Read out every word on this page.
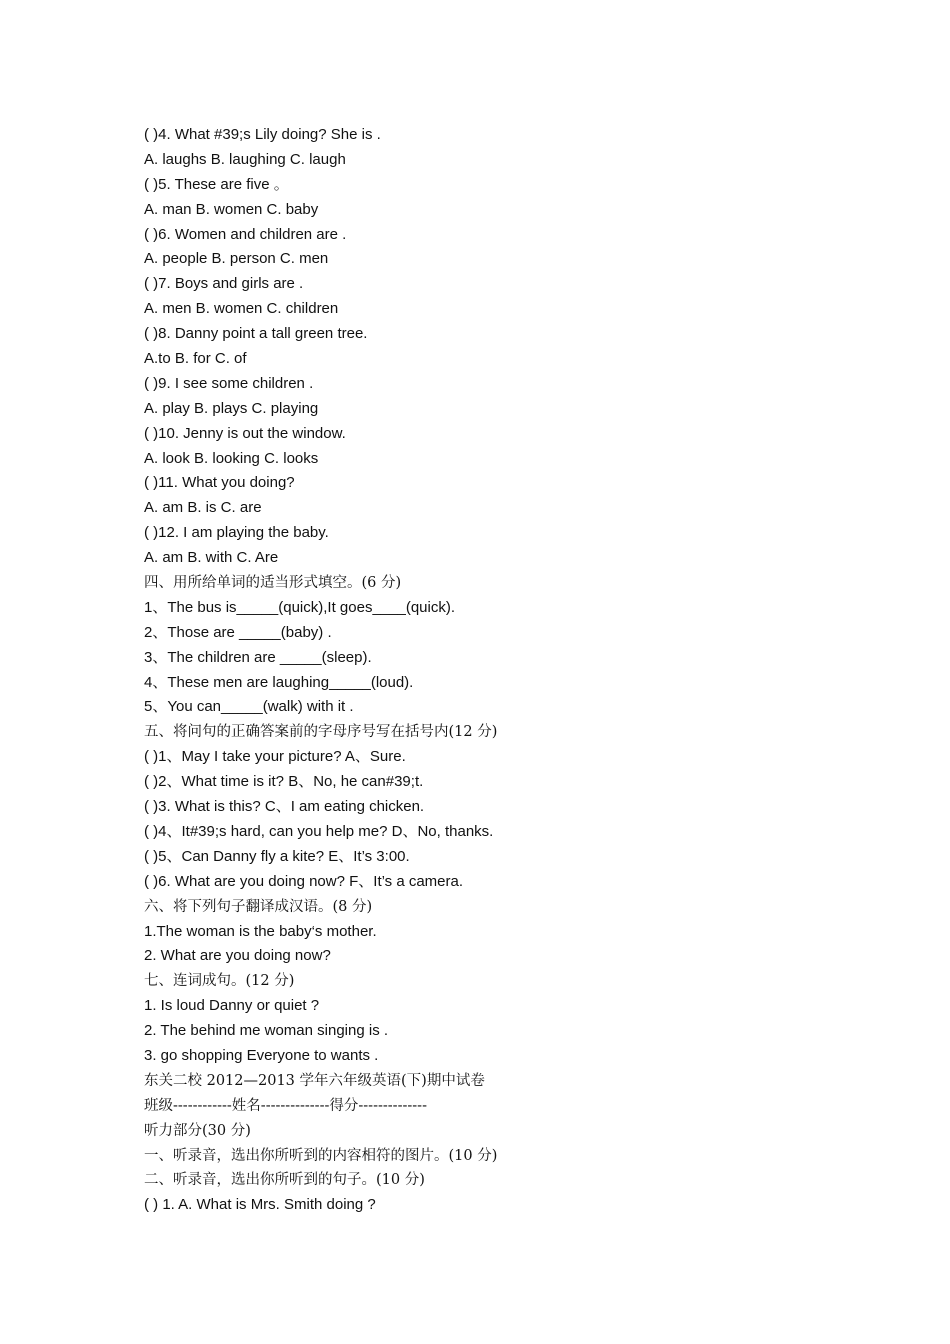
( )4. What #39;s Lily doing? She is .
A. laughs B. laughing C. laugh
( )5. These are five 。
A. man B. women C. baby
( )6. Women and children are .
A. people B. person C. men
( )7. Boys and girls are .
A. men B. women C. children
( )8. Danny point a tall green tree.
A.to B. for C. of
( )9. I see some children .
A. play B. plays C. playing
( )10. Jenny is out the window.
A. look B. looking C. looks
( )11. What you doing?
A. am B. is C. are
( )12. I am playing the baby.
A. am B. with C. Are
四、用所给单词的适当形式填空。(6 分)
1、The bus is_____(quick),It goes____(quick).
2、Those are _____(baby) .
3、The children are _____(sleep).
4、These men are laughing_____(loud).
5、You can_____(walk) with it .
五、将问句的正确答案前的字母序号写在括号内(12 分)
( )1、May I take your picture? A、Sure.
( )2、What time is it? B、No, he can#39;t.
( )3. What is this? C、I am eating chicken.
( )4、It#39;s hard, can you help me? D、No, thanks.
( )5、Can Danny fly a kite? E、It’s 3:00.
( )6. What are you doing now? F、It’s a camera.
六、将下列句子翻译成汉语。(8 分)
1.The woman is the baby‘s mother.
2. What are you doing now?
七、连词成句。(12 分)
1. Is loud Danny or quiet ?
2. The behind me woman singing is .
3. go shopping Everyone to wants .
东关二校 2012—2013 学年六年级英语(下)期中试卷
班级------------姓名--------------得分--------------
听力部分(30 分)
一、听录音，选出你所听到的内容相符的图片。(10 分)
二、听录音，选出你所听到的句子。(10 分)
( ) 1. A. What is Mrs. Smith doing ?
